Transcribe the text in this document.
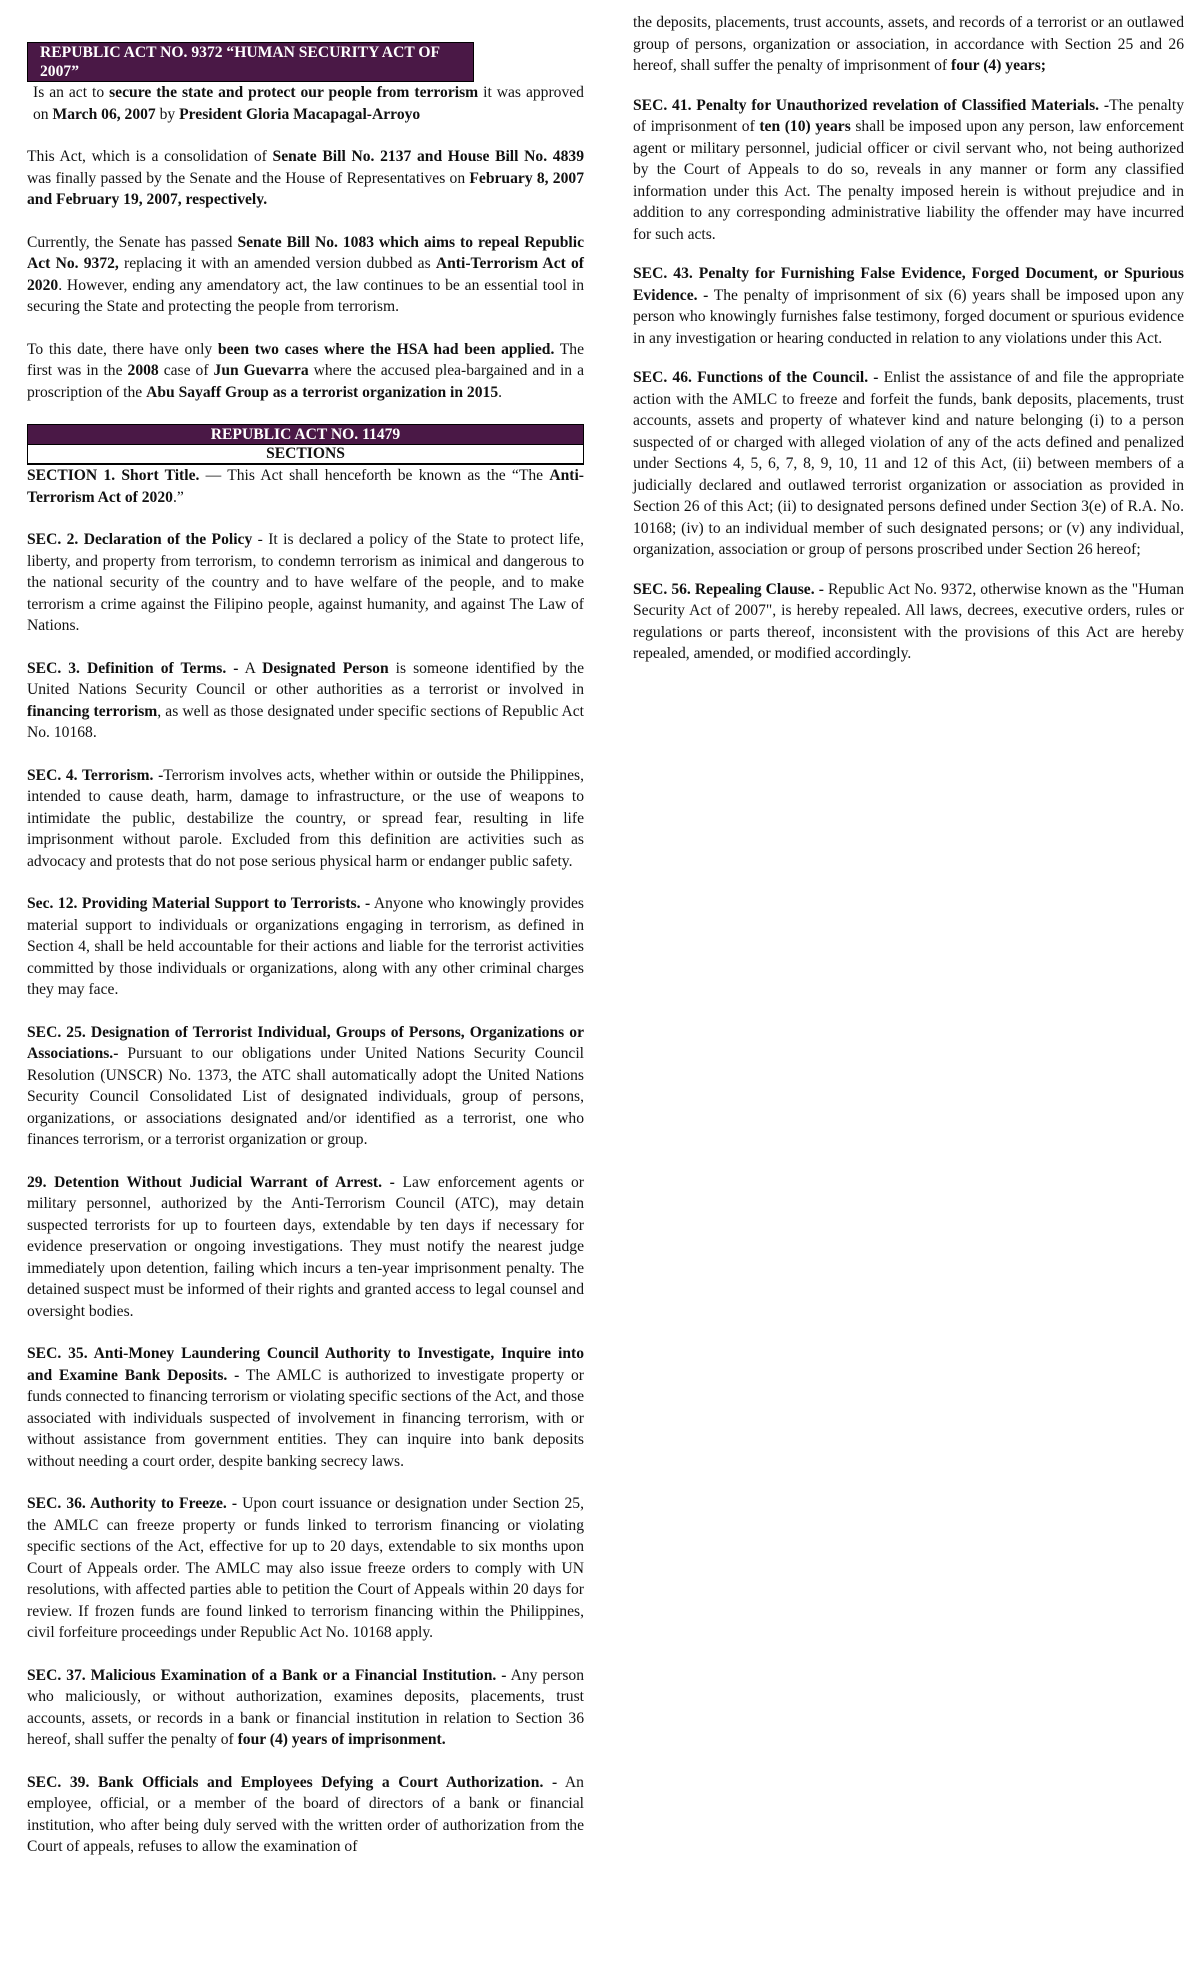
REPUBLIC ACT NO. 9372 “HUMAN SECURITY ACT OF 2007”

Is an act to secure the state and protect our people from terrorism it was approved on March 06, 2007 by President Gloria Macapagal-Arroyo

This Act, which is a consolidation of Senate Bill No. 2137 and House Bill No. 4839 was finally passed by the Senate and the House of Representatives on February 8, 2007 and February 19, 2007, respectively.

Currently, the Senate has passed Senate Bill No. 1083 which aims to repeal Republic Act No. 9372, replacing it with an amended version dubbed as Anti-Terrorism Act of 2020. However, ending any amendatory act, the law continues to be an essential tool in securing the State and protecting the people from terrorism.

To this date, there have only been two cases where the HSA had been applied. The first was in the 2008 case of Jun Guevarra where the accused plea-bargained and in a proscription of the Abu Sayaff Group as a terrorist organization in 2015.

REPUBLIC ACT NO. 11479
SECTIONS

SECTION 1. Short Title. — This Act shall henceforth be known as the “The Anti-Terrorism Act of 2020.”

SEC. 2. Declaration of the Policy - It is declared a policy of the State to protect life, liberty, and property from terrorism, to condemn terrorism as inimical and dangerous to the national security of the country and to have welfare of the people, and to make terrorism a crime against the Filipino people, against humanity, and against The Law of Nations.

SEC. 3. Definition of Terms. - A Designated Person is someone identified by the United Nations Security Council or other authorities as a terrorist or involved in financing terrorism, as well as those designated under specific sections of Republic Act No. 10168.

SEC. 4. Terrorism. -Terrorism involves acts, whether within or outside the Philippines, intended to cause death, harm, damage to infrastructure, or the use of weapons to intimidate the public, destabilize the country, or spread fear, resulting in life imprisonment without parole. Excluded from this definition are activities such as advocacy and protests that do not pose serious physical harm or endanger public safety.

Sec. 12. Providing Material Support to Terrorists. - Anyone who knowingly provides material support to individuals or organizations engaging in terrorism, as defined in Section 4, shall be held accountable for their actions and liable for the terrorist activities committed by those individuals or organizations, along with any other criminal charges they may face.

SEC. 25. Designation of Terrorist Individual, Groups of Persons, Organizations or Associations.- Pursuant to our obligations under United Nations Security Council Resolution (UNSCR) No. 1373, the ATC shall automatically adopt the United Nations Security Council Consolidated List of designated individuals, group of persons, organizations, or associations designated and/or identified as a terrorist, one who finances terrorism, or a terrorist organization or group.

29. Detention Without Judicial Warrant of Arrest. - Law enforcement agents or military personnel, authorized by the Anti-Terrorism Council (ATC), may detain suspected terrorists for up to fourteen days, extendable by ten days if necessary for evidence preservation or ongoing investigations. They must notify the nearest judge immediately upon detention, failing which incurs a ten-year imprisonment penalty. The detained suspect must be informed of their rights and granted access to legal counsel and oversight bodies.

SEC. 35. Anti-Money Laundering Council Authority to Investigate, Inquire into and Examine Bank Deposits. - The AMLC is authorized to investigate property or funds connected to financing terrorism or violating specific sections of the Act, and those associated with individuals suspected of involvement in financing terrorism, with or without assistance from government entities. They can inquire into bank deposits without needing a court order, despite banking secrecy laws.

SEC. 36. Authority to Freeze. - Upon court issuance or designation under Section 25, the AMLC can freeze property or funds linked to terrorism financing or violating specific sections of the Act, effective for up to 20 days, extendable to six months upon Court of Appeals order. The AMLC may also issue freeze orders to comply with UN resolutions, with affected parties able to petition the Court of Appeals within 20 days for review. If frozen funds are found linked to terrorism financing within the Philippines, civil forfeiture proceedings under Republic Act No. 10168 apply.

SEC. 37. Malicious Examination of a Bank or a Financial Institution. - Any person who maliciously, or without authorization, examines deposits, placements, trust accounts, assets, or records in a bank or financial institution in relation to Section 36 hereof, shall suffer the penalty of four (4) years of imprisonment.

SEC. 39. Bank Officials and Employees Defying a Court Authorization. - An employee, official, or a member of the board of directors of a bank or financial institution, who after being duly served with the written order of authorization from the Court of appeals, refuses to allow the examination of

the deposits, placements, trust accounts, assets, and records of a terrorist or an outlawed group of persons, organization or association, in accordance with Section 25 and 26 hereof, shall suffer the penalty of imprisonment of four (4) years;

SEC. 41. Penalty for Unauthorized revelation of Classified Materials. -The penalty of imprisonment of ten (10) years shall be imposed upon any person, law enforcement agent or military personnel, judicial officer or civil servant who, not being authorized by the Court of Appeals to do so, reveals in any manner or form any classified information under this Act. The penalty imposed herein is without prejudice and in addition to any corresponding administrative liability the offender may have incurred for such acts.

SEC. 43. Penalty for Furnishing False Evidence, Forged Document, or Spurious Evidence. - The penalty of imprisonment of six (6) years shall be imposed upon any person who knowingly furnishes false testimony, forged document or spurious evidence in any investigation or hearing conducted in relation to any violations under this Act.

SEC. 46. Functions of the Council. - Enlist the assistance of and file the appropriate action with the AMLC to freeze and forfeit the funds, bank deposits, placements, trust accounts, assets and property of whatever kind and nature belonging (i) to a person suspected of or charged with alleged violation of any of the acts defined and penalized under Sections 4, 5, 6, 7, 8, 9, 10, 11 and 12 of this Act, (ii) between members of a judicially declared and outlawed terrorist organization or association as provided in Section 26 of this Act; (ii) to designated persons defined under Section 3(e) of R.A. No. 10168; (iv) to an individual member of such designated persons; or (v) any individual, organization, association or group of persons proscribed under Section 26 hereof;

SEC. 56. Repealing Clause. - Republic Act No. 9372, otherwise known as the "Human Security Act of 2007", is hereby repealed. All laws, decrees, executive orders, rules or regulations or parts thereof, inconsistent with the provisions of this Act are hereby repealed, amended, or modified accordingly.
